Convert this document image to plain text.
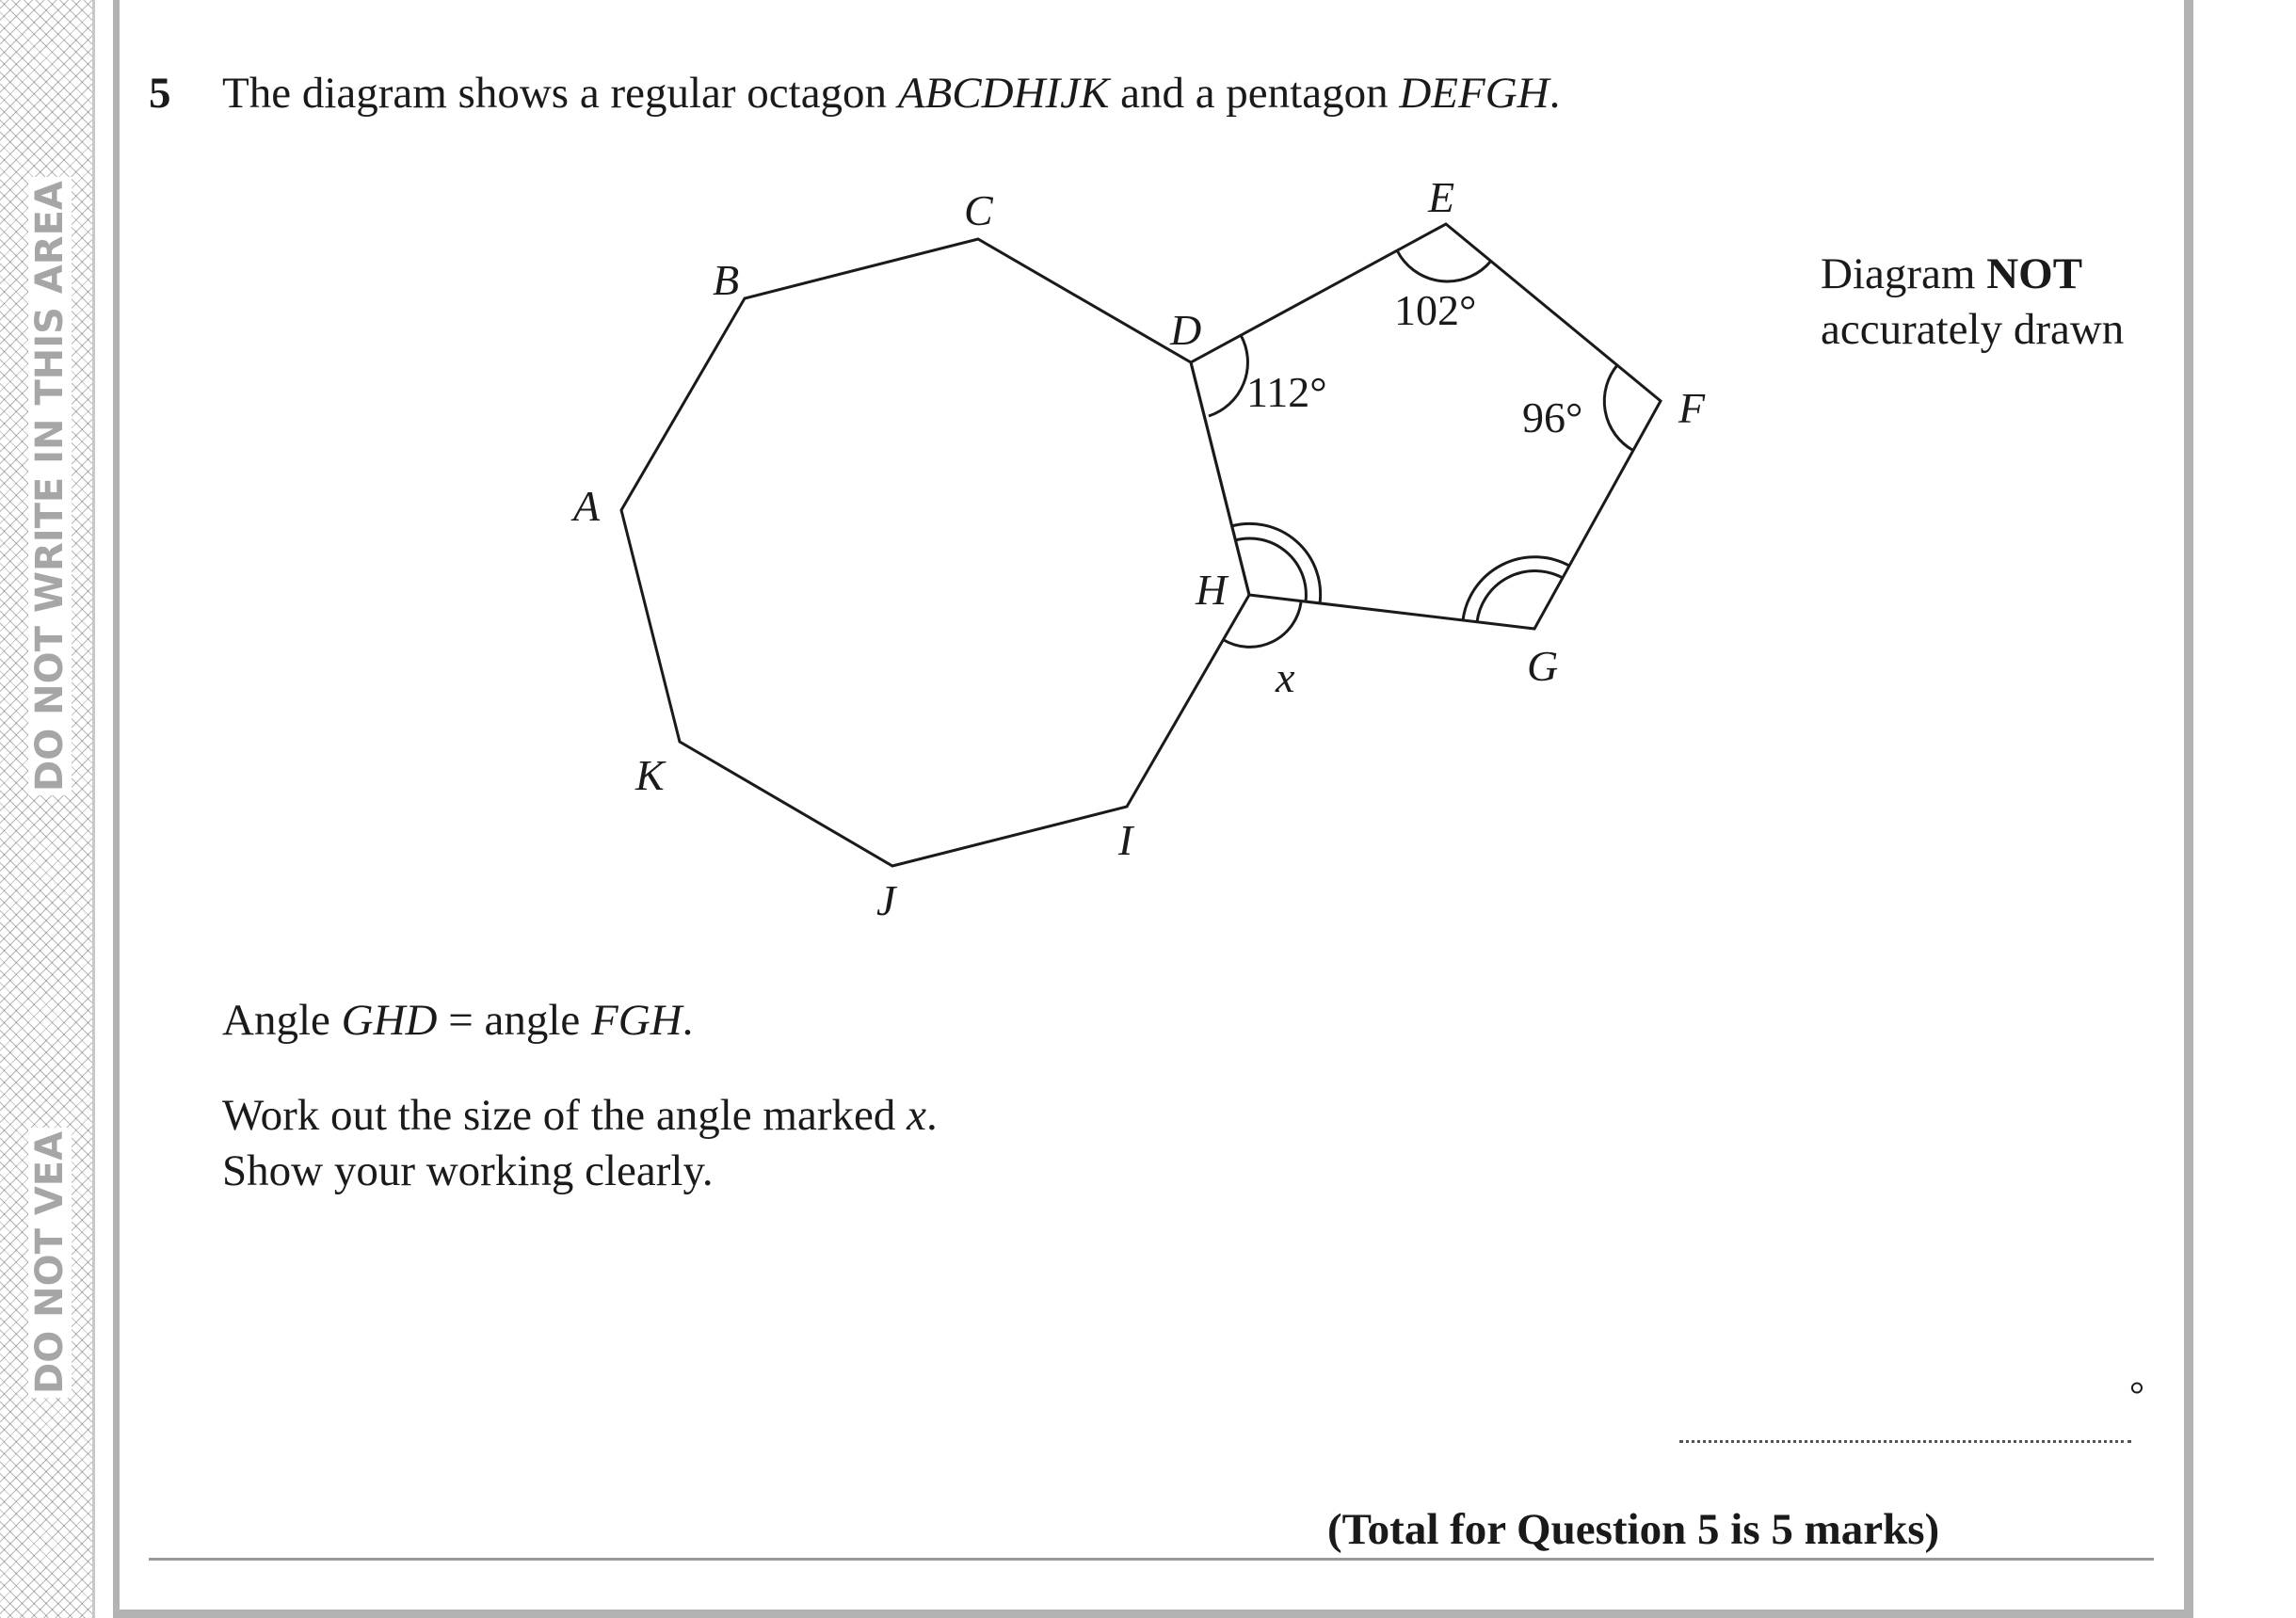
DO NOT WRITE IN THIS AREA
DO NOT VEA
5 The diagram shows a regular octagon ABCDHIJK and a pentagon DEFGH.
A
B
C
D
E
F
G
H
I
J
K
112°
102°
96°
x
Diagram NOT
accurately drawn
Angle GHD = angle FGH.
Work out the size of the angle marked x.
Show your working clearly.
°
(Total for Question 5 is 5 marks)
